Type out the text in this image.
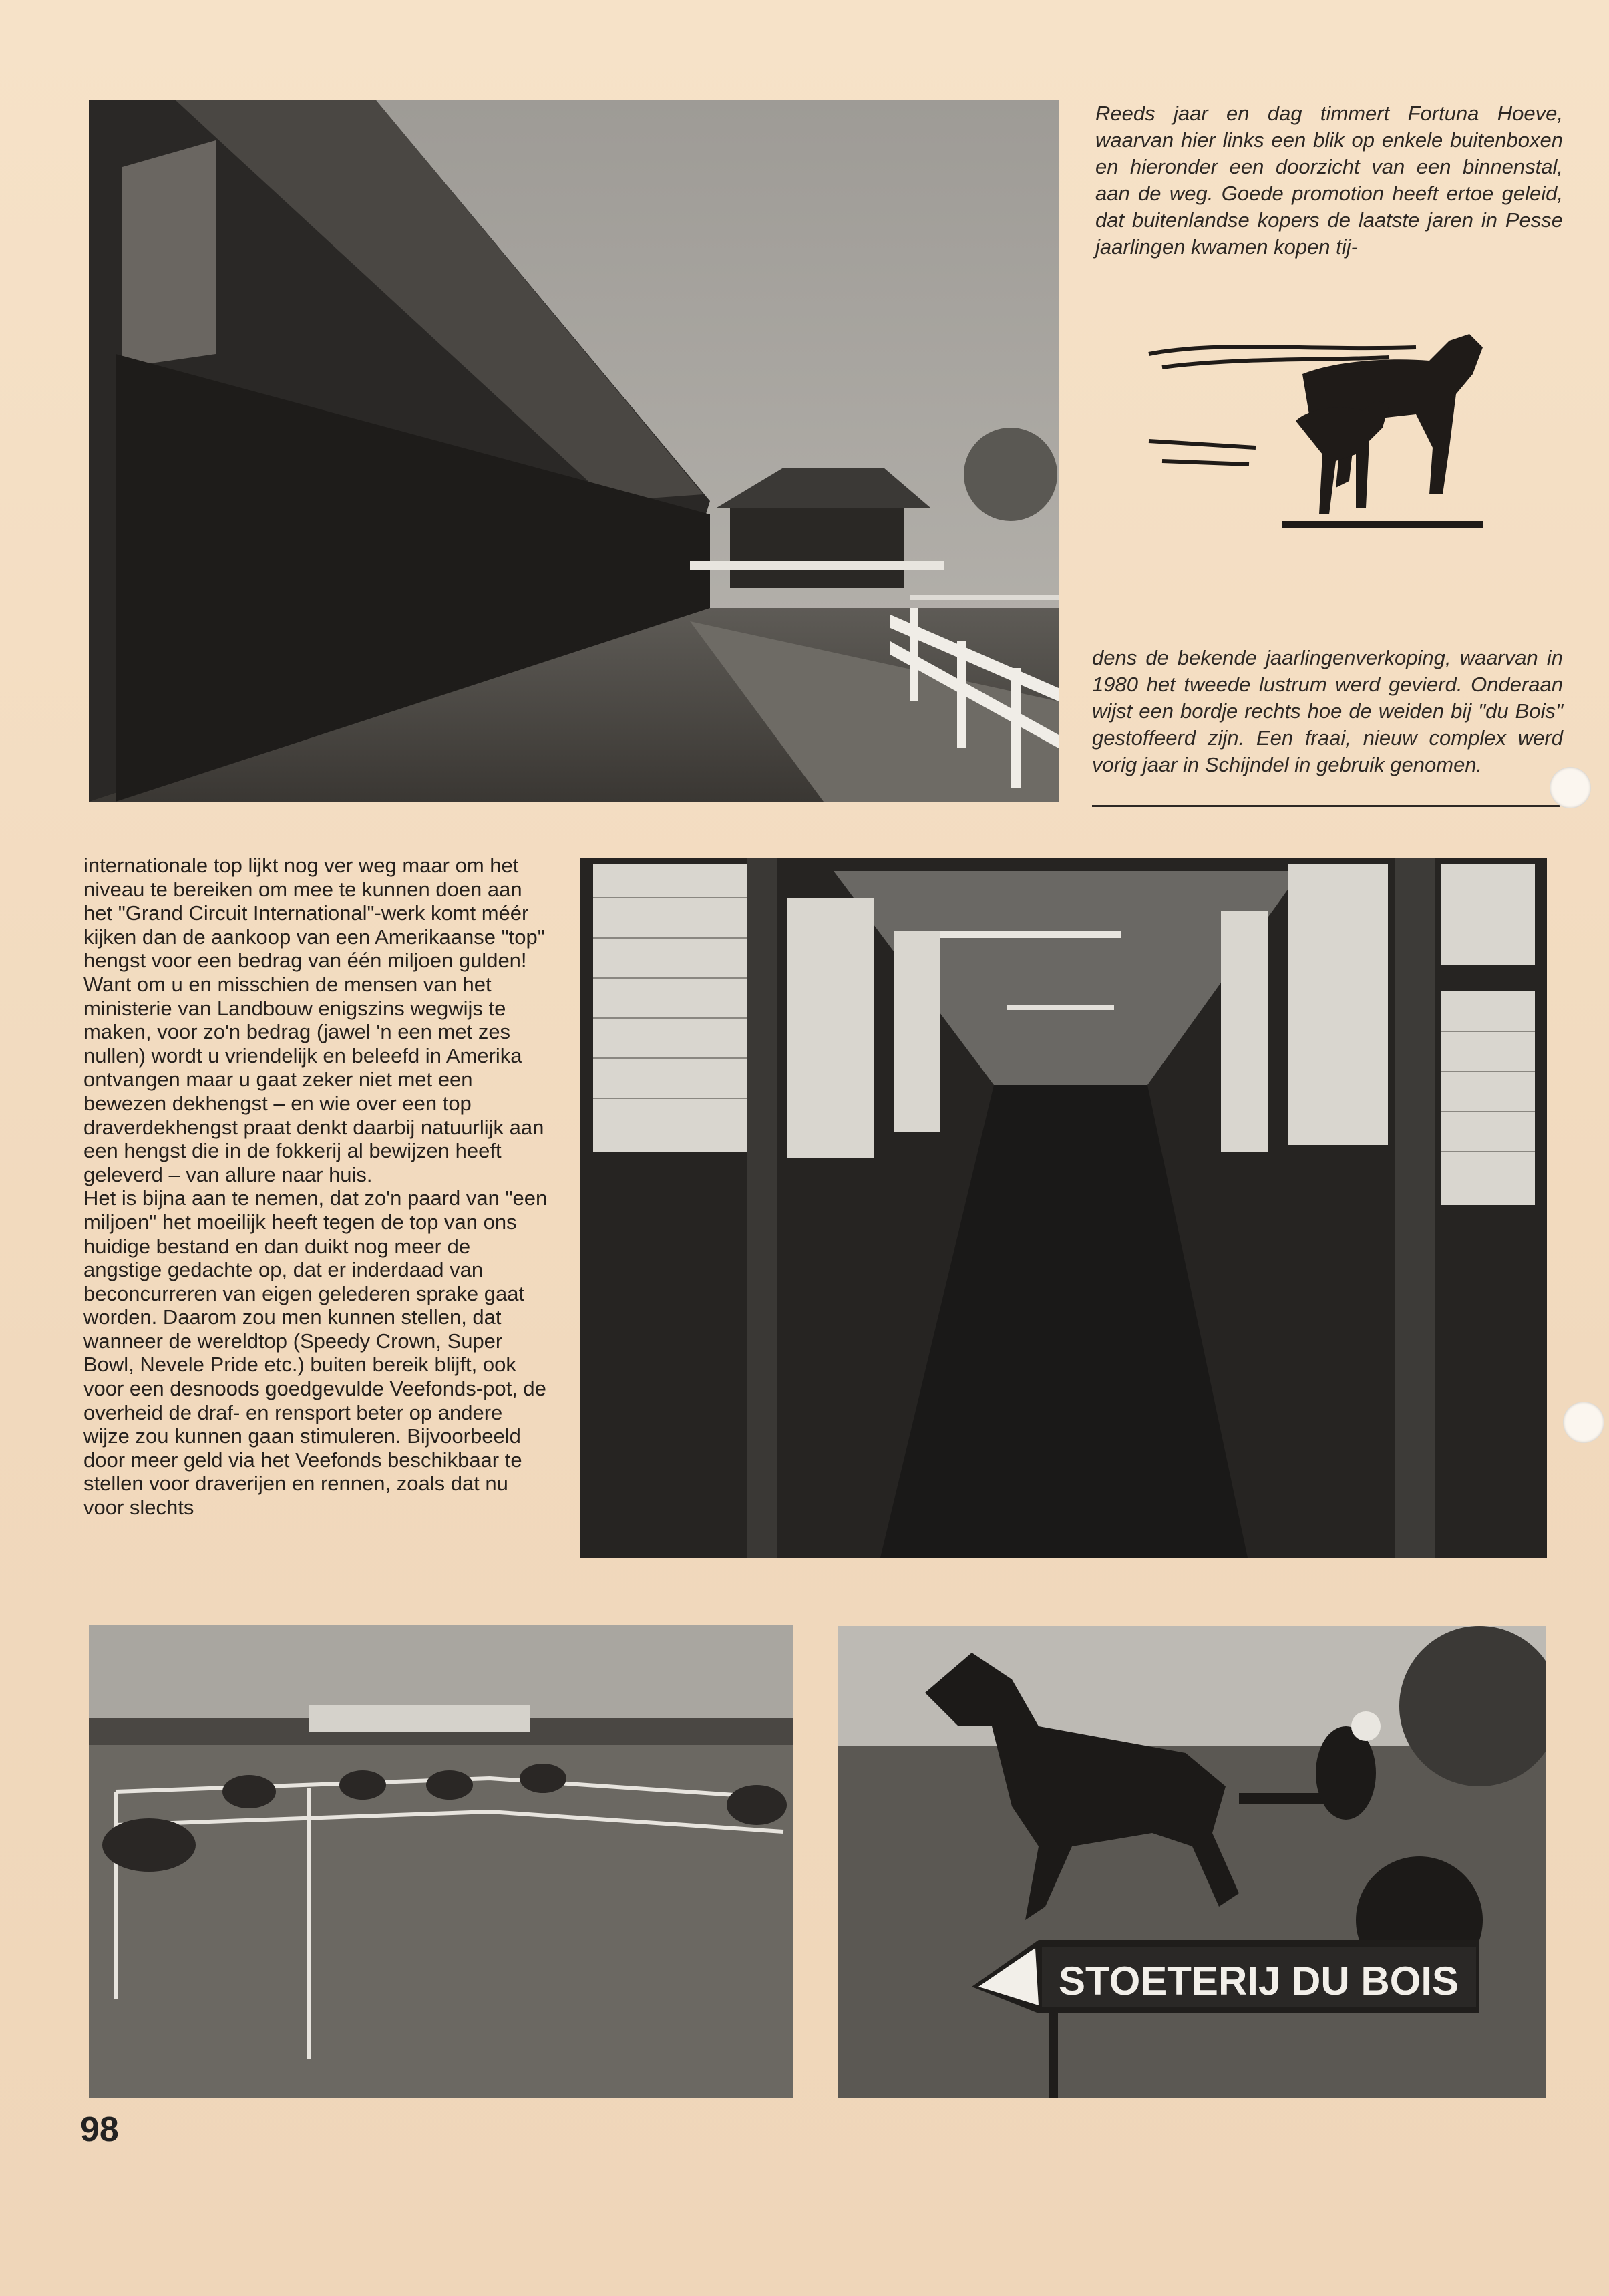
Reeds jaar en dag timmert Fortuna Hoeve, waarvan hier links een blik op enkele buitenboxen en hieronder een doorzicht van een binnenstal, aan de weg. Goede promotion heeft ertoe geleid, dat buitenlandse kopers de laatste jaren in Pesse jaarlingen kwamen kopen tij-
dens de bekende jaarlingenverkoping, waarvan in 1980 het tweede lustrum werd gevierd. Onderaan wijst een bordje rechts hoe de weiden bij "du Bois" gestoffeerd zijn. Een fraai, nieuw complex werd vorig jaar in Schijndel in gebruik genomen.

internationale top lijkt nog ver weg maar om het niveau te bereiken om mee te kunnen doen aan het "Grand Circuit International"-werk komt méér kijken dan de aankoop van een Amerikaanse "top" hengst voor een bedrag van één miljoen gulden! Want om u en misschien de mensen van het ministerie van Landbouw enigszins wegwijs te maken, voor zo'n bedrag (jawel 'n een met zes nullen) wordt u vriendelijk en beleefd in Amerika ontvangen maar u gaat zeker niet met een bewezen dekhengst – en wie over een top draverdekhengst praat denkt daarbij natuurlijk aan een hengst die in de fokkerij al bewijzen heeft geleverd – van allure naar huis.

Het is bijna aan te nemen, dat zo'n paard van "een miljoen" het moeilijk heeft tegen de top van ons huidige bestand en dan duikt nog meer de angstige gedachte op, dat er inderdaad van beconcurreren van eigen gelederen sprake gaat worden. Daarom zou men kunnen stellen, dat wanneer de wereldtop (Speedy Crown, Super Bowl, Nevele Pride etc.) buiten bereik blijft, ook voor een desnoods goedgevulde Veefonds-pot, de overheid de draf- en rensport beter op andere wijze zou kunnen gaan stimuleren. Bijvoorbeeld door meer geld via het Veefonds beschikbaar te stellen voor draverijen en rennen, zoals dat nu voor slechts

STOETERIJ DU BOIS
98
